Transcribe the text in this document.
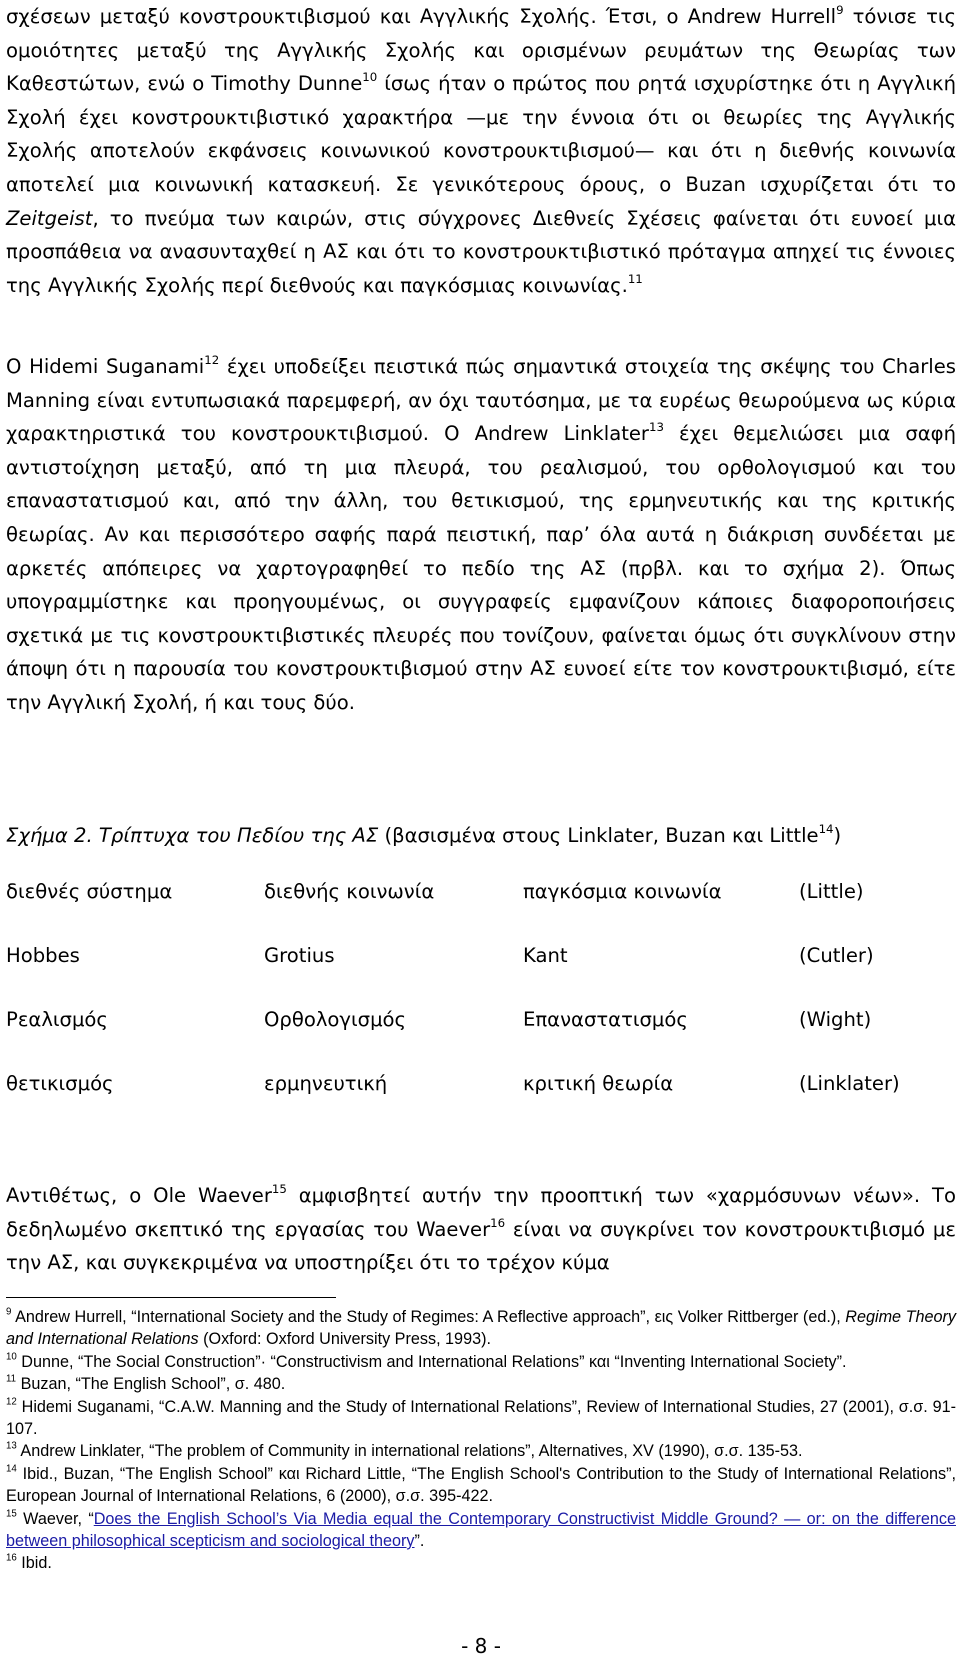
σχέσεων μεταξύ κονστρουκτιβισμού και Αγγλικής Σχολής. Έτσι, ο Andrew Hurrell$^9$ τόνισε τις ομοιότητες μεταξύ της Αγγλικής Σχολής και ορισμένων ρευμάτων της Θεωρίας των Καθεστώτων, ενώ ο Timothy Dunne$^{10}$ ίσως ήταν ο πρώτος που ρητά ισχυρίστηκε ότι η Αγγλική Σχολή έχει κονστρουκτιβιστικό χαρακτήρα —με την έννοια ότι οι θεωρίες της Αγγλικής Σχολής αποτελούν εκφάνσεις κοινωνικού κονστρουκτιβισμού— και ότι η διεθνής κοινωνία αποτελεί μια κοινωνική κατασκευή. Σε γενικότερους όρους, ο Buzan ισχυρίζεται ότι το Zeitgeist, το πνεύμα των καιρών, στις σύγχρονες Διεθνείς Σχέσεις φαίνεται ότι ευνοεί μια προσπάθεια να ανασυνταχθεί η ΑΣ και ότι το κονστρουκτιβιστικό πρόταγμα απηχεί τις έννοιες της Αγγλικής Σχολής περί διεθνούς και παγκόσμιας κοινωνίας.$^{11}$

Ο Hidemi Suganami$^{12}$ έχει υποδείξει πειστικά πώς σημαντικά στοιχεία της σκέψης του Charles Manning είναι εντυπωσιακά παρεμφερή, αν όχι ταυτόσημα, με τα ευρέως θεωρούμενα ως κύρια χαρακτηριστικά του κονστρουκτιβισμού. Ο Andrew Linklater$^{13}$ έχει θεμελιώσει μια σαφή αντιστοίχηση μεταξύ, από τη μια πλευρά, του ρεαλισμού, του ορθολογισμού και του επαναστατισμού και, από την άλλη, του θετικισμού, της ερμηνευτικής και της κριτικής θεωρίας. Αν και περισσότερο σαφής παρά πειστική, παρ’ όλα αυτά η διάκριση συνδέεται με αρκετές απόπειρες να χαρτογραφηθεί το πεδίο της ΑΣ (πρβλ. και το σχήμα 2). Όπως υπογραμμίστηκε και προηγουμένως, οι συγγραφείς εμφανίζουν κάποιες διαφοροποιήσεις σχετικά με τις κονστρουκτιβιστικές πλευρές που τονίζουν, φαίνεται όμως ότι συγκλίνουν στην άποψη ότι η παρουσία του κονστρουκτιβισμού στην ΑΣ ευνοεί είτε τον κονστρουκτιβισμό, είτε την Αγγλική Σχολή, ή και τους δύο.

Σχήμα 2. Τρίπτυχα του Πεδίου της ΑΣ (βασισμένα στους Linklater, Buzan και Little$^{14}$)

διεθνές σύστημα	διεθνής κοινωνία	παγκόσμια κοινωνία	(Little)
Hobbes	Grotius	Kant	(Cutler)
Ρεαλισμός	Ορθολογισμός	Επαναστατισμός	(Wight)
θετικισμός	ερμηνευτική	κριτική θεωρία	(Linklater)

Αντιθέτως, ο Ole Waever$^{15}$ αμφισβητεί αυτήν την προοπτική των «χαρμόσυνων νέων». Το δεδηλωμένο σκεπτικό της εργασίας του Waever$^{16}$ είναι να συγκρίνει τον κονστρουκτιβισμό με την ΑΣ, και συγκεκριμένα να υποστηρίξει ότι το τρέχον κύμα

$^9$ Andrew Hurrell, “International Society and the Study of Regimes: A Reflective approach”, εις Volker Rittberger (ed.), Regime Theory and International Relations (Oxford: Oxford University Press, 1993).

$^{10}$ Dunne, “The Social Construction”· “Constructivism and International Relations” και “Inventing International Society”.

$^{11}$ Buzan, “The English School”, σ. 480.

$^{12}$ Hidemi Suganami, “C.A.W. Manning and the Study of International Relations”, Review of International Studies, 27 (2001), σ.σ. 91-107.

$^{13}$ Andrew Linklater, “The problem of Community in international relations”, Alternatives, XV (1990), σ.σ. 135-53.

$^{14}$ Ibid., Buzan, “The English School” και Richard Little, “The English School's Contribution to the Study of International Relations”, European Journal of International Relations, 6 (2000), σ.σ. 395-422.

$^{15}$ Waever, “Does the English School’s Via Media equal the Contemporary Constructivist Middle Ground? — or: on the difference between philosophical scepticism and sociological theory”.

$^{16}$ Ibid.

- 8 -
